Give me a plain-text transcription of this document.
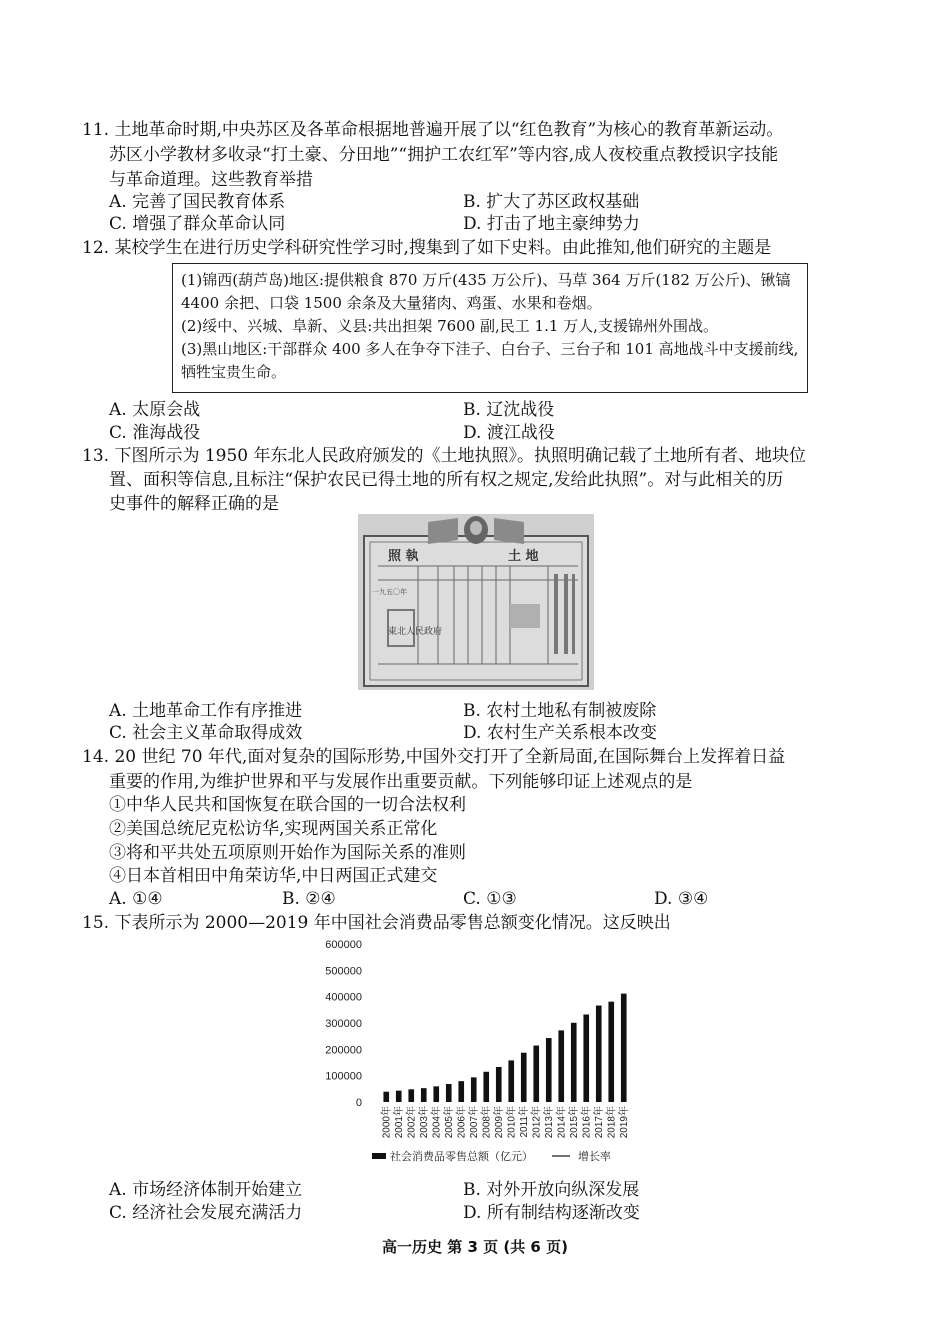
11. 土地革命时期,中央苏区及各革命根据地普遍开展了以“红色教育”为核心的教育革新运动。
苏区小学教材多收录“打土豪、分田地”“拥护工农红军”等内容,成人夜校重点教授识字技能
与革命道理。这些教育举措
A. 完善了国民教育体系	B. 扩大了苏区政权基础
C. 增强了群众革命认同	D. 打击了地主豪绅势力
12. 某校学生在进行历史学科研究性学习时,搜集到了如下史料。由此推知,他们研究的主题是
(1)锦西(葫芦岛)地区:提供粮食 870 万斤(435 万公斤)、马草 364 万斤(182 万公斤)、锹镐 4400 余把、口袋 1500 余条及大量猪肉、鸡蛋、水果和卷烟。
(2)绥中、兴城、阜新、义县:共出担架 7600 副,民工 1.1 万人,支援锦州外围战。
(3)黑山地区:干部群众 400 多人在争夺下洼子、白台子、三台子和 101 高地战斗中支援前线,牺牲宝贵生命。
A. 太原会战	B. 辽沈战役
C. 淮海战役	D. 渡江战役
13. 下图所示为 1950 年东北人民政府颁发的《土地执照》。执照明确记载了土地所有者、地块位
置、面积等信息,且标注“保护农民已得土地的所有权之规定,发给此执照”。对与此相关的历
史事件的解释正确的是
照 執	土 地
東北人民政府
一九五〇年
A. 土地革命工作有序推进	B. 农村土地私有制被废除
C. 社会主义革命取得成效	D. 农村生产关系根本改变
14. 20 世纪 70 年代,面对复杂的国际形势,中国外交打开了全新局面,在国际舞台上发挥着日益
重要的作用,为维护世界和平与发展作出重要贡献。下列能够印证上述观点的是
①中华人民共和国恢复在联合国的一切合法权利
②美国总统尼克松访华,实现两国关系正常化
③将和平共处五项原则开始作为国际关系的准则
④日本首相田中角荣访华,中日两国正式建交
A. ①④	B. ②④	C. ①③	D. ③④
15. 下表所示为 2000—2019 年中国社会消费品零售总额变化情况。这反映出
600000
500000
400000
300000
200000
100000
0
2000年 2001年 2002年 2003年 2004年 2005年 2006年 2007年 2008年 2009年 2010年 2011年 2012年 2013年 2014年 2015年 2016年 2017年 2018年 2019年
社会消费品零售总额（亿元）	增长率
A. 市场经济体制开始建立	B. 对外开放向纵深发展
C. 经济社会发展充满活力	D. 所有制结构逐渐改变
高一历史 第 3 页 (共 6 页)
